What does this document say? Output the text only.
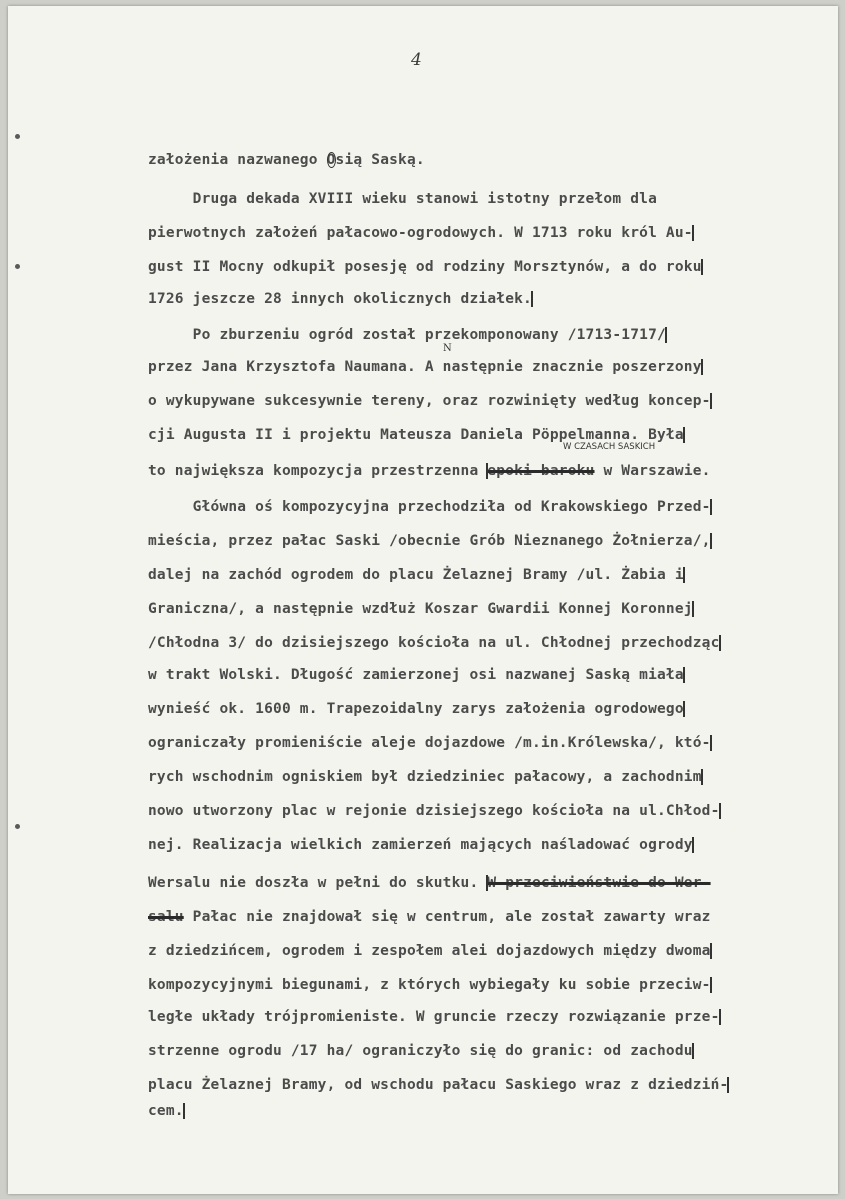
4
założenia nazwanego Osią Saską.
Druga dekada XVIII wieku stanowi istotny przełom dla
pierwotnych założeń pałacowo-ogrodowych. W 1713 roku król Au-
gust II Mocny odkupił posesję od rodziny Morsztynów, a do roku
1726 jeszcze 28 innych okolicznych działek.
Po zburzeniu ogród został przekomponowany /1713-1717/
przez Jana Krzysztofa Naumana. A następnie znacznie poszerzony
o wykupywane sukcesywnie tereny, oraz rozwinięty według koncep-
cji Augusta II i projektu Mateusza Daniela Pöppelmanna. Była
to największa kompozycja przestrzenna epoki baroku w Warszawie.
Główna oś kompozycyjna przechodziła od Krakowskiego Przed-
mieścia, przez pałac Saski /obecnie Grób Nieznanego Żołnierza/,
dalej na zachód ogrodem do placu Żelaznej Bramy /ul. Żabia i
Graniczna/, a następnie wzdłuż Koszar Gwardii Konnej Koronnej
/Chłodna 3/ do dzisiejszego kościoła na ul. Chłodnej przechodząc
w trakt Wolski. Długość zamierzonej osi nazwanej Saską miała
wynieść ok. 1600 m. Trapezoidalny zarys założenia ogrodowego
ograniczały promieniście aleje dojazdowe /m.in.Królewska/, któ-
rych wschodnim ogniskiem był dziedziniec pałacowy, a zachodnim
nowo utworzony plac w rejonie dzisiejszego kościoła na ul.Chłod-
nej. Realizacja wielkich zamierzeń mających naśladować ogrody
Wersalu nie doszła w pełni do skutku. W przeciwieństwie do Wer-
salu Pałac nie znajdował się w centrum, ale został zawarty wraz
z dziedzińcem, ogrodem i zespołem alei dojazdowych między dwoma
kompozycyjnymi biegunami, z których wybiegały ku sobie przeciw-
ległe układy trójpromieniste. W gruncie rzeczy rozwiązanie prze-
strzenne ogrodu /17 ha/ ograniczyło się do granic: od zachodu
placu Żelaznej Bramy, od wschodu pałacu Saskiego wraz z dziedziń-
cem.
W CZASACH SASKICH
N
